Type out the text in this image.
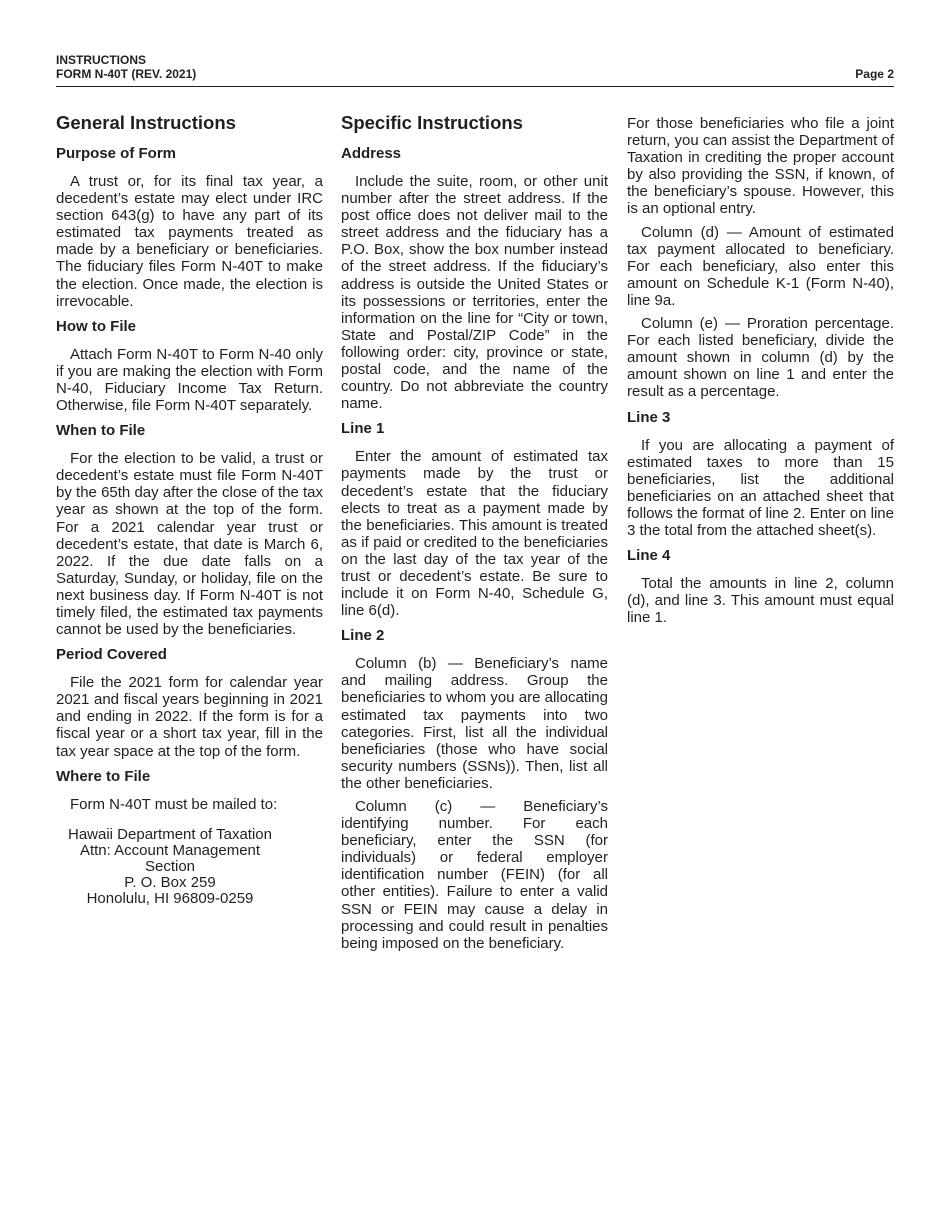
INSTRUCTIONS
FORM N-40T (REV. 2021)	Page 2
General Instructions
Purpose of Form

A trust or, for its final tax year, a decedent’s estate may elect under IRC section 643(g) to have any part of its estimated tax payments treated as made by a beneficiary or beneficiaries. The fiduciary files Form N-40T to make the election. Once made, the election is irrevocable.

How to File

Attach Form N-40T to Form N-40 only if you are making the election with Form N-40, Fiduciary Income Tax Return. Otherwise, file Form N-40T separately.

When to File

For the election to be valid, a trust or decedent’s estate must file Form N-40T by the 65th day after the close of the tax year as shown at the top of the form. For a 2021 calendar year trust or decedent’s estate, that date is March 6, 2022. If the due date falls on a Saturday, Sunday, or holiday, file on the next business day. If Form N-40T is not timely filed, the estimated tax payments cannot be used by the beneficiaries.

Period Covered

File the 2021 form for calendar year 2021 and fiscal years beginning in 2021 and ending in 2022. If the form is for a fiscal year or a short tax year, fill in the tax year space at the top of the form.

Where to File

Form N-40T must be mailed to:

Hawaii Department of Taxation
Attn: Account Management
Section
P. O. Box 259
Honolulu, HI 96809-0259
Specific Instructions
Address

Include the suite, room, or other unit number after the street address. If the post office does not deliver mail to the street address and the fiduciary has a P.O. Box, show the box number instead of the street address. If the fiduciary’s address is outside the United States or its possessions or territories, enter the information on the line for “City or town, State and Postal/ZIP Code” in the following order: city, province or state, postal code, and the name of the country. Do not abbreviate the country name.

Line 1

Enter the amount of estimated tax payments made by the trust or decedent’s estate that the fiduciary elects to treat as a payment made by the beneficiaries. This amount is treated as if paid or credited to the beneficiaries on the last day of the tax year of the trust or decedent’s estate. Be sure to include it on Form N-40, Schedule G, line 6(d).

Line 2

Column (b) — Beneficiary’s name and mailing address. Group the beneficiaries to whom you are allocating estimated tax payments into two categories. First, list all the individual beneficiaries (those who have social security numbers (SSNs)). Then, list all the other beneficiaries.

Column (c) — Beneficiary’s identifying number. For each beneficiary, enter the SSN (for individuals) or federal employer identification number (FEIN) (for all other entities). Failure to enter a valid SSN or FEIN may cause a delay in processing and could result in penalties being imposed on the beneficiary.

For those beneficiaries who file a joint return, you can assist the Department of Taxation in crediting the proper account by also providing the SSN, if known, of the beneficiary’s spouse. However, this is an optional entry.

Column (d) — Amount of estimated tax payment allocated to beneficiary. For each beneficiary, also enter this amount on Schedule K-1 (Form N-40), line 9a.

Column (e) — Proration percentage. For each listed beneficiary, divide the amount shown in column (d) by the amount shown on line 1 and enter the result as a percentage.

Line 3

If you are allocating a payment of estimated taxes to more than 15 beneficiaries, list the additional beneficiaries on an attached sheet that follows the format of line 2. Enter on line 3 the total from the attached sheet(s).

Line 4

Total the amounts in line 2, column (d), and line 3. This amount must equal line 1.
